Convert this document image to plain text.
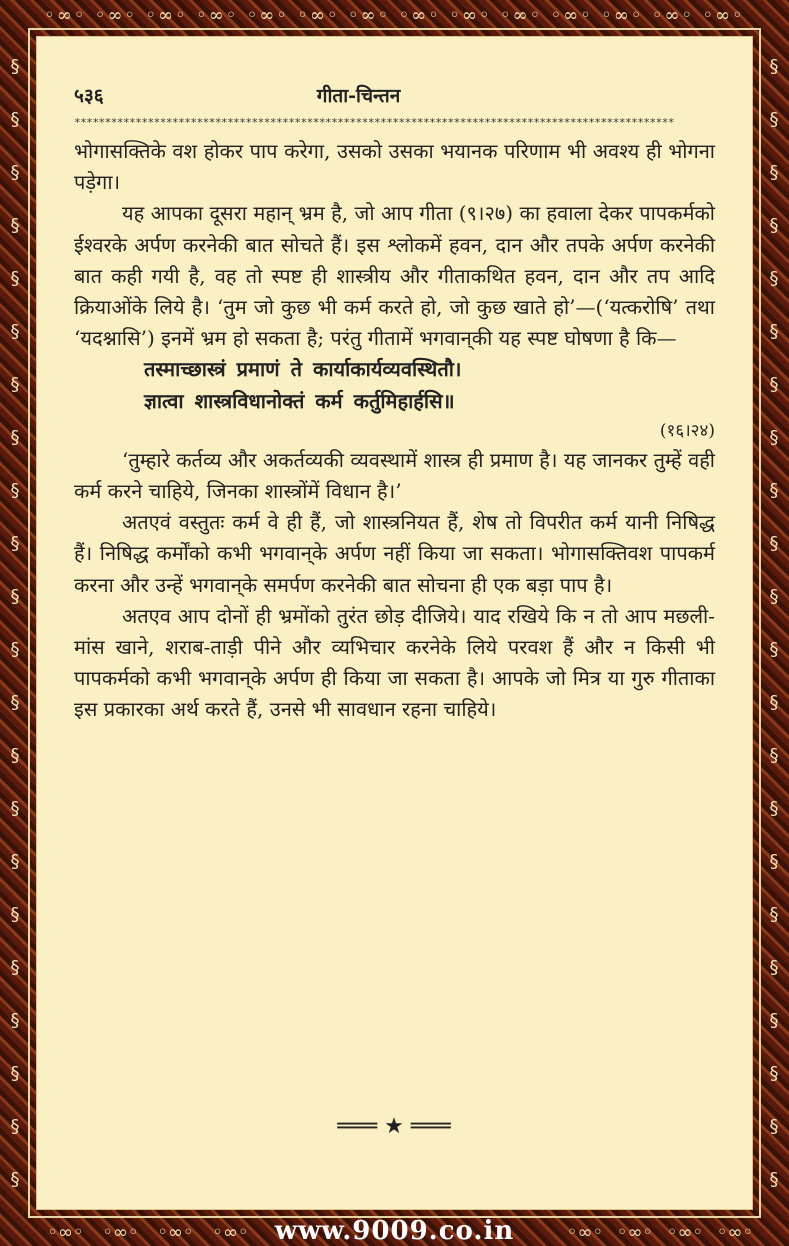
◦∞◦ ◦∞◦ ◦∞◦ ◦∞◦ ◦∞◦ ◦∞◦ ◦∞◦ ◦∞◦ ◦∞◦ ◦∞◦ ◦∞◦ ◦∞◦ ◦∞◦ ◦∞◦
§
§
§
§
§
§
§
§
§
§
§
§
§
§
§
§
§
§
§
§
§
§
§
§
§
§
§
§
§
§
§
§
§
§
§
§
§
§
§
§
§
§
§
§
◦∞◦ ◦∞◦ ◦∞◦ ◦∞◦	◦∞◦ ◦∞◦ ◦∞◦ ◦∞◦
५३६	गीता-चिन्तन
**************************************************************************************************

भोगासक्तिके वश होकर पाप करेगा, उसको उसका भयानक परिणाम भी अवश्य ही भोगना पड़ेगा।

यह आपका दूसरा महान् भ्रम है, जो आप गीता (९।२७) का हवाला देकर पापकर्मको ईश्वरके अर्पण करनेकी बात सोचते हैं। इस श्लोकमें हवन, दान और तपके अर्पण करनेकी बात कही गयी है, वह तो स्पष्ट ही शास्त्रीय और गीताकथित हवन, दान और तप आदि क्रियाओंके लिये है। ‘तुम जो कुछ भी कर्म करते हो, जो कुछ खाते हो’—(‘यत्करोषि’ तथा ‘यदश्नासि’) इनमें भ्रम हो सकता है; परंतु गीतामें भगवान्‌की यह स्पष्ट घोषणा है कि—

तस्माच्छास्त्रं प्रमाणं ते कार्याकार्यव्यवस्थितौ।

ज्ञात्वा शास्त्रविधानोक्तं कर्म कर्तुमिहार्हसि॥

(१६।२४)

‘तुम्हारे कर्तव्य और अकर्तव्यकी व्यवस्थामें शास्त्र ही प्रमाण है। यह जानकर तुम्हें वही कर्म करने चाहिये, जिनका शास्त्रोंमें विधान है।’

अतएवं वस्तुतः कर्म वे ही हैं, जो शास्त्रनियत हैं, शेष तो विपरीत कर्म यानी निषिद्ध हैं। निषिद्ध कर्मोंको कभी भगवान्‌के अर्पण नहीं किया जा सकता। भोगासक्तिवश पापकर्म करना और उन्हें भगवान्‌के समर्पण करनेकी बात सोचना ही एक बड़ा पाप है।

अतएव आप दोनों ही भ्रमोंको तुरंत छोड़ दीजिये। याद रखिये कि न तो आप मछली-मांस खाने, शराब-ताड़ी पीने और व्यभिचार करनेके लिये परवश हैं और न किसी भी पापकर्मको कभी भगवान्‌के अर्पण ही किया जा सकता है। आपके जो मित्र या गुरु गीताका इस प्रकारका अर्थ करते हैं, उनसे भी सावधान रहना चाहिये।

═══ ★ ═══
www.9009.co.in
